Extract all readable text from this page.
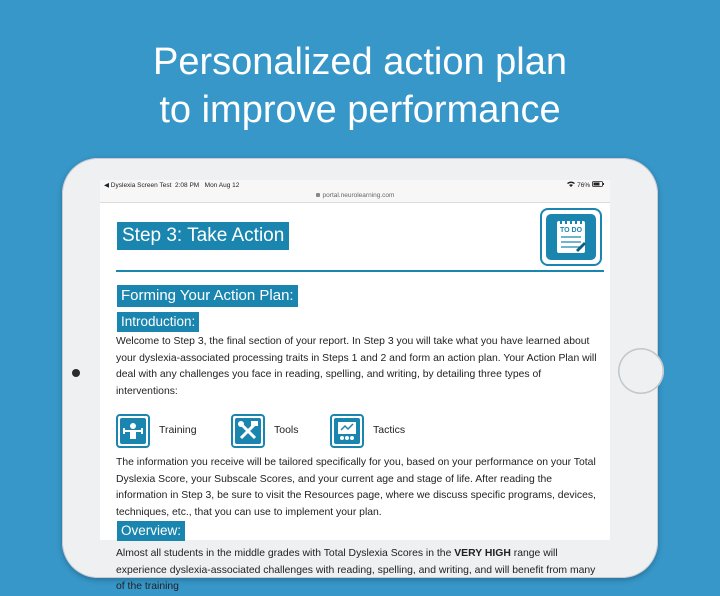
Personalized action plan
to improve performance
◀ Dyslexia Screen Test 2:08 PM Mon Aug 12	76%
portal.neurolearning.com
Step 3: Take Action	TO DO
Forming Your Action Plan:
Introduction:
Welcome to Step 3, the final section of your report. In Step 3 you will take what you have learned about your dyslexia-associated processing traits in Steps 1 and 2 and form an action plan. Your Action Plan will deal with any challenges you face in reading, spelling, and writing, by detailing three types of interventions:
Training	Tools	Tactics
The information you receive will be tailored specifically for you, based on your performance on your Total Dyslexia Score, your Subscale Scores, and your current age and stage of life. After reading the information in Step 3, be sure to visit the Resources page, where we discuss specific programs, devices, techniques, etc., that you can use to implement your plan.
Overview:
Almost all students in the middle grades with Total Dyslexia Scores in the VERY HIGH range will experience dyslexia-associated challenges with reading, spelling, and writing, and will benefit from many of the training
